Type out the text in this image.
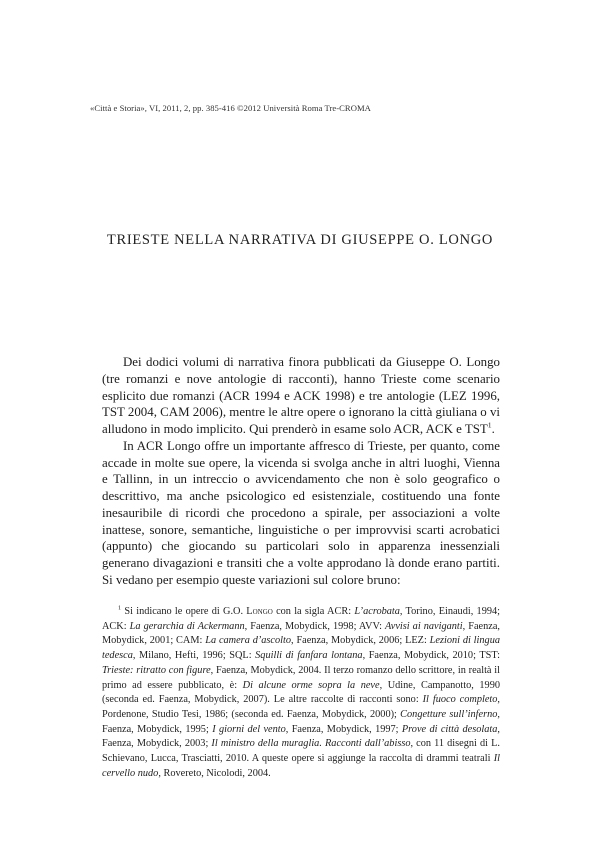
«Città e Storia», VI, 2011, 2, pp. 385-416 ©2012 Università Roma Tre-CROMA
TRIESTE NELLA NARRATIVA DI GIUSEPPE O. LONGO

Dei dodici volumi di narrativa finora pubblicati da Giuseppe O. Longo (tre romanzi e nove antologie di racconti), hanno Trieste come scenario esplicito due romanzi (ACR 1994 e ACK 1998) e tre antologie (LEZ 1996, TST 2004, CAM 2006), mentre le altre opere o ignorano la città giuliana o vi alludono in modo implicito. Qui prenderò in esame solo ACR, ACK e TST$^1$.

In ACR Longo offre un importante affresco di Trieste, per quanto, come accade in molte sue opere, la vicenda si svolga anche in altri luoghi, Vienna e Tallinn, in un intreccio o avvicendamento che non è solo geografico o descrittivo, ma anche psicologico ed esistenziale, costituendo una fonte inesauribile di ricordi che procedono a spirale, per associazioni a volte inattese, sonore, semantiche, linguistiche o per improvvisi scarti acrobatici (appunto) che giocando su particolari solo in apparenza inessenziali generano divagazioni e transiti che a volte approdano là donde erano partiti. Si vedano per esempio queste variazioni sul colore bruno:

$^1$ Si indicano le opere di G.O. Longo con la sigla ACR: L’acrobata, Torino, Einaudi, 1994; ACK: La gerarchia di Ackermann, Faenza, Mobydick, 1998; AVV: Avvisi ai naviganti, Faenza, Mobydick, 2001; CAM: La camera d’ascolto, Faenza, Mobydick, 2006; LEZ: Lezioni di lingua tedesca, Milano, Hefti, 1996; SQL: Squilli di fanfara lontana, Faenza, Mobydick, 2010; TST: Trieste: ritratto con figure, Faenza, Mobydick, 2004. Il terzo romanzo dello scrittore, in realtà il primo ad essere pubblicato, è: Di alcune orme sopra la neve, Udine, Campanotto, 1990 (seconda ed. Faenza, Mobydick, 2007). Le altre raccolte di racconti sono: Il fuoco completo, Pordenone, Studio Tesi, 1986; (seconda ed. Faenza, Mobydick, 2000); Congetture sull’inferno, Faenza, Mobydick, 1995; I giorni del vento, Faenza, Mobydick, 1997; Prove di città desolata, Faenza, Mobydick, 2003; Il ministro della muraglia. Racconti dall’abisso, con 11 disegni di L. Schievano, Lucca, Trasciatti, 2010. A queste opere si aggiunge la raccolta di drammi teatrali Il cervello nudo, Rovereto, Nicolodi, 2004.
